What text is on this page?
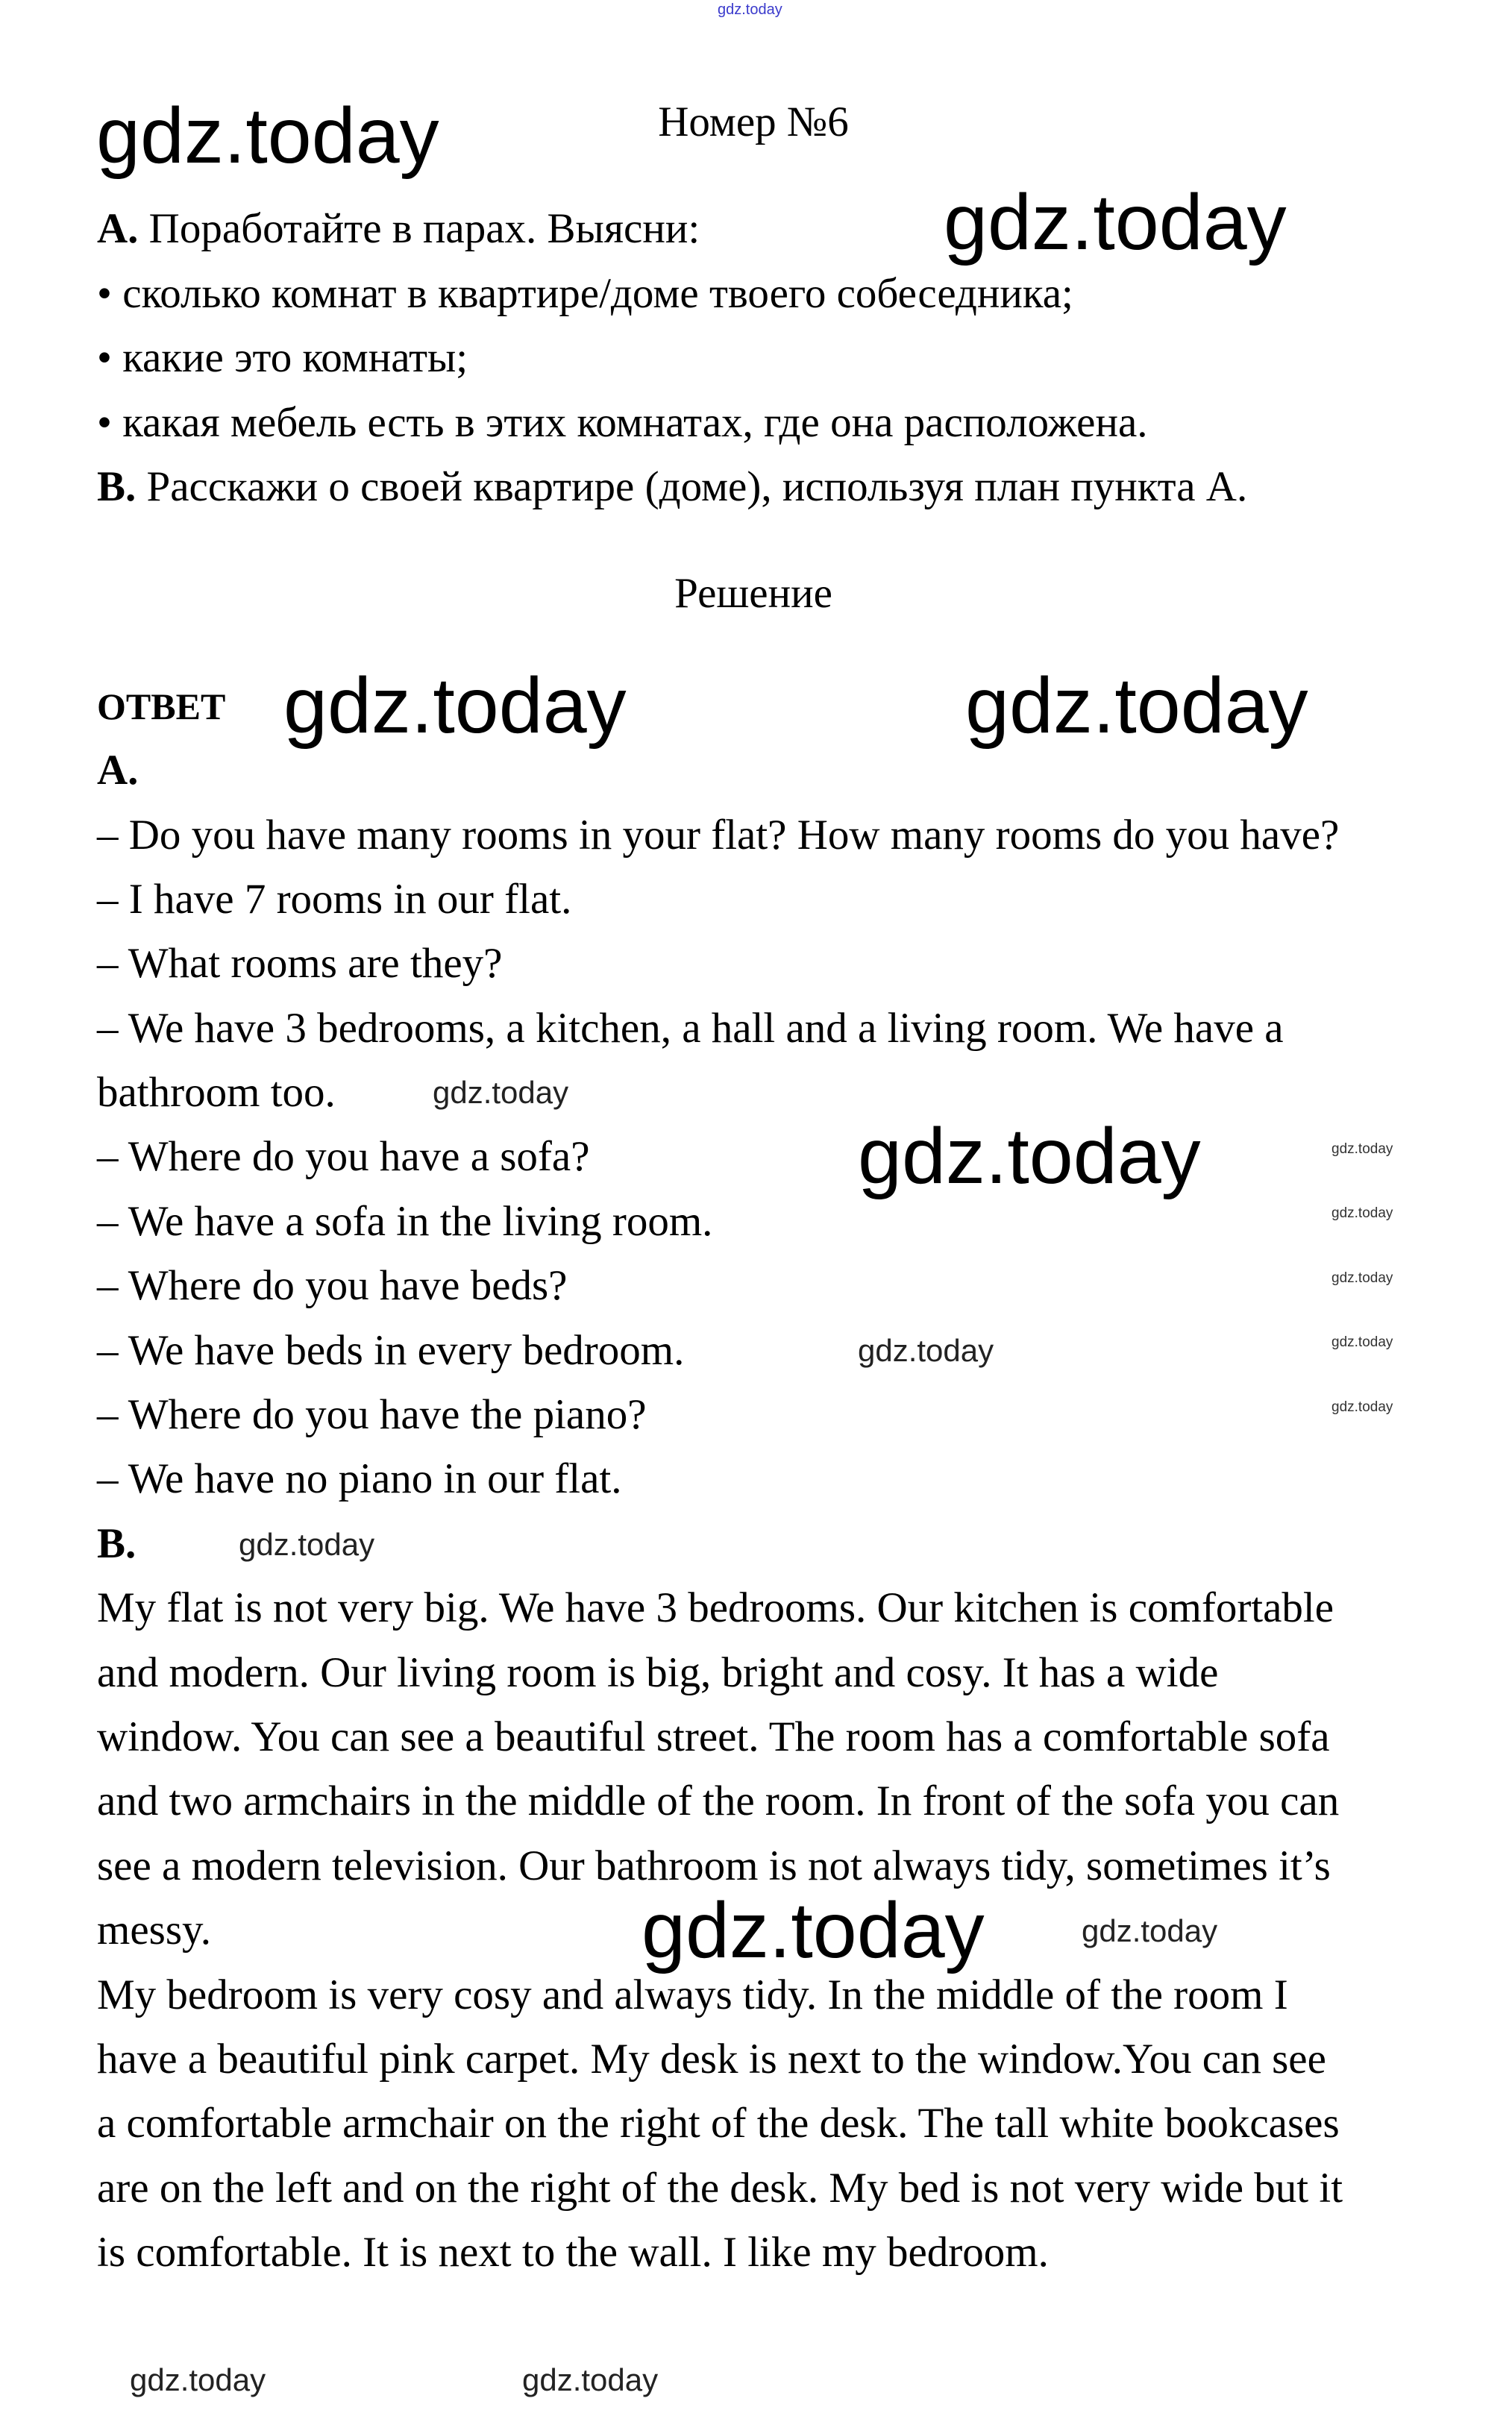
Номер №6
A. Поработайте в парах. Выясни:
• сколько комнат в квартире/доме твоего собеседника;
• какие это комнаты;
• какая мебель есть в этих комнатах, где она расположена.
B. Расскажи о своей квартире (доме), используя план пункта А.
Решение
ОТВЕТ
A.
– Do you have many rooms in your flat? How many rooms do you have?
– I have 7 rooms in our flat.
– What rooms are they?
– We have 3 bedrooms, a kitchen, a hall and a living room. We have a
bathroom too.
– Where do you have a sofa?
– We have a sofa in the living room.
– Where do you have beds?
– We have beds in every bedroom.
– Where do you have the piano?
– We have no piano in our flat.
B.
My flat is not very big. We have 3 bedrooms. Our kitchen is comfortable
and modern. Our living room is big, bright and cosy. It has a wide
window. You can see a beautiful street. The room has a comfortable sofa
and two armchairs in the middle of the room. In front of the sofa you can
see a modern television. Our bathroom is not always tidy, sometimes it’s
messy.
My bedroom is very cosy and always tidy. In the middle of the room I
have a beautiful pink carpet. My desk is next to the window.You can see
a comfortable armchair on the right of the desk. The tall white bookcases
are on the left and on the right of the desk. My bed is not very wide but it
is comfortable. It is next to the wall. I like my bedroom.
gdz.today
gdz.today
gdz.today
gdz.today	gdz.today
gdz.today
gdz.today
gdz.today
gdz.today
gdz.today
gdz.today
gdz.today	gdz.today
gdz.today
gdz.today
gdz.today
gdz.today
gdz.today
